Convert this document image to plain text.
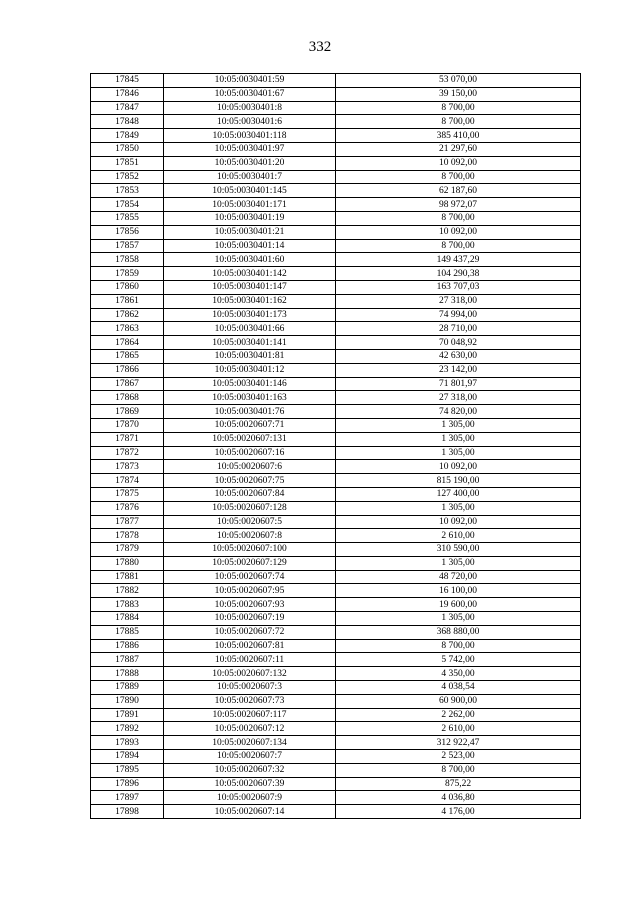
332
17845	10:05:0030401:59	53 070,00
17846	10:05:0030401:67	39 150,00
17847	10:05:0030401:8	8 700,00
17848	10:05:0030401:6	8 700,00
17849	10:05:0030401:118	385 410,00
17850	10:05:0030401:97	21 297,60
17851	10:05:0030401:20	10 092,00
17852	10:05:0030401:7	8 700,00
17853	10:05:0030401:145	62 187,60
17854	10:05:0030401:171	98 972,07
17855	10:05:0030401:19	8 700,00
17856	10:05:0030401:21	10 092,00
17857	10:05:0030401:14	8 700,00
17858	10:05:0030401:60	149 437,29
17859	10:05:0030401:142	104 290,38
17860	10:05:0030401:147	163 707,03
17861	10:05:0030401:162	27 318,00
17862	10:05:0030401:173	74 994,00
17863	10:05:0030401:66	28 710,00
17864	10:05:0030401:141	70 048,92
17865	10:05:0030401:81	42 630,00
17866	10:05:0030401:12	23 142,00
17867	10:05:0030401:146	71 801,97
17868	10:05:0030401:163	27 318,00
17869	10:05:0030401:76	74 820,00
17870	10:05:0020607:71	1 305,00
17871	10:05:0020607:131	1 305,00
17872	10:05:0020607:16	1 305,00
17873	10:05:0020607:6	10 092,00
17874	10:05:0020607:75	815 190,00
17875	10:05:0020607:84	127 400,00
17876	10:05:0020607:128	1 305,00
17877	10:05:0020607:5	10 092,00
17878	10:05:0020607:8	2 610,00
17879	10:05:0020607:100	310 590,00
17880	10:05:0020607:129	1 305,00
17881	10:05:0020607:74	48 720,00
17882	10:05:0020607:95	16 100,00
17883	10:05:0020607:93	19 600,00
17884	10:05:0020607:19	1 305,00
17885	10:05:0020607:72	368 880,00
17886	10:05:0020607:81	8 700,00
17887	10:05:0020607:11	5 742,00
17888	10:05:0020607:132	4 350,00
17889	10:05:0020607:3	4 038,54
17890	10:05:0020607:73	60 900,00
17891	10:05:0020607:117	2 262,00
17892	10:05:0020607:12	2 610,00
17893	10:05:0020607:134	312 922,47
17894	10:05:0020607:7	2 523,00
17895	10:05:0020607:32	8 700,00
17896	10:05:0020607:39	875,22
17897	10:05:0020607:9	4 036,80
17898	10:05:0020607:14	4 176,00
